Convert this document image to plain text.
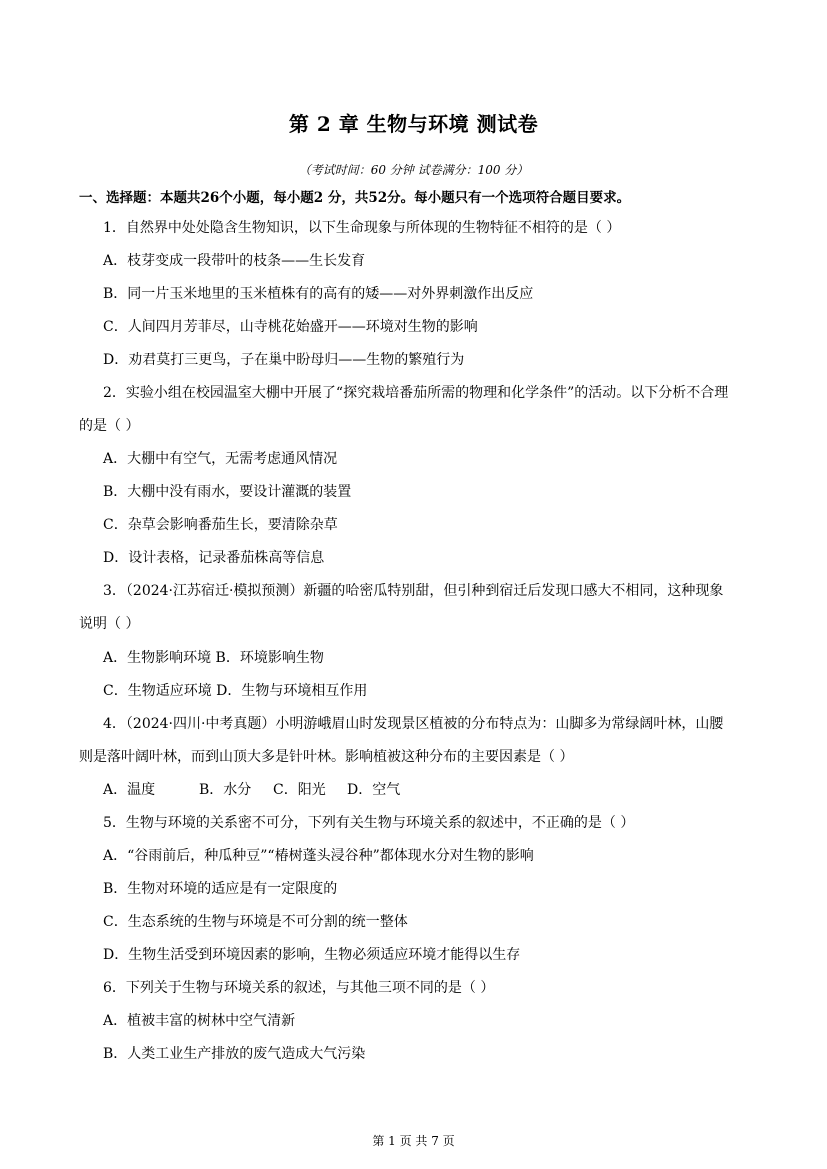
第 2 章 生物与环境 测试卷
（考试时间：60 分钟 试卷满分：100 分）
一、选择题：本题共26个小题，每小题2 分，共52分。每小题只有一个选项符合题目要求。
1．自然界中处处隐含生物知识，以下生命现象与所体现的生物特征不相符的是（ ）
A．枝芽变成一段带叶的枝条——生长发育
B．同一片玉米地里的玉米植株有的高有的矮——对外界刺激作出反应
C．人间四月芳菲尽，山寺桃花始盛开——环境对生物的影响
D．劝君莫打三更鸟，子在巢中盼母归——生物的繁殖行为
2．实验小组在校园温室大棚中开展了“探究栽培番茄所需的物理和化学条件”的活动。以下分析不合理
的是（ ）
A．大棚中有空气，无需考虑通风情况
B．大棚中没有雨水，要设计灌溉的装置
C．杂草会影响番茄生长，要清除杂草
D．设计表格，记录番茄株高等信息
3．（2024·江苏宿迁·模拟预测）新疆的哈密瓜特别甜，但引种到宿迁后发现口感大不相同，这种现象
说明（ ）
A．生物影响环境 B．环境影响生物
C．生物适应环境 D．生物与环境相互作用
4．（2024·四川·中考真题）小明游峨眉山时发现景区植被的分布特点为：山脚多为常绿阔叶林，山腰
则是落叶阔叶林，而到山顶大多是针叶林。影响植被这种分布的主要因素是（ ）
A．温度	B．水分 C．阳光 D．空气
5．生物与环境的关系密不可分，下列有关生物与环境关系的叙述中，不正确的是（ ）
A．“谷雨前后，种瓜种豆”“椿树蓬头浸谷种”都体现水分对生物的影响
B．生物对环境的适应是有一定限度的
C．生态系统的生物与环境是不可分割的统一整体
D．生物生活受到环境因素的影响，生物必须适应环境才能得以生存
6．下列关于生物与环境关系的叙述，与其他三项不同的是（ ）
A．植被丰富的树林中空气清新
B．人类工业生产排放的废气造成大气污染
第 1 页 共 7 页
